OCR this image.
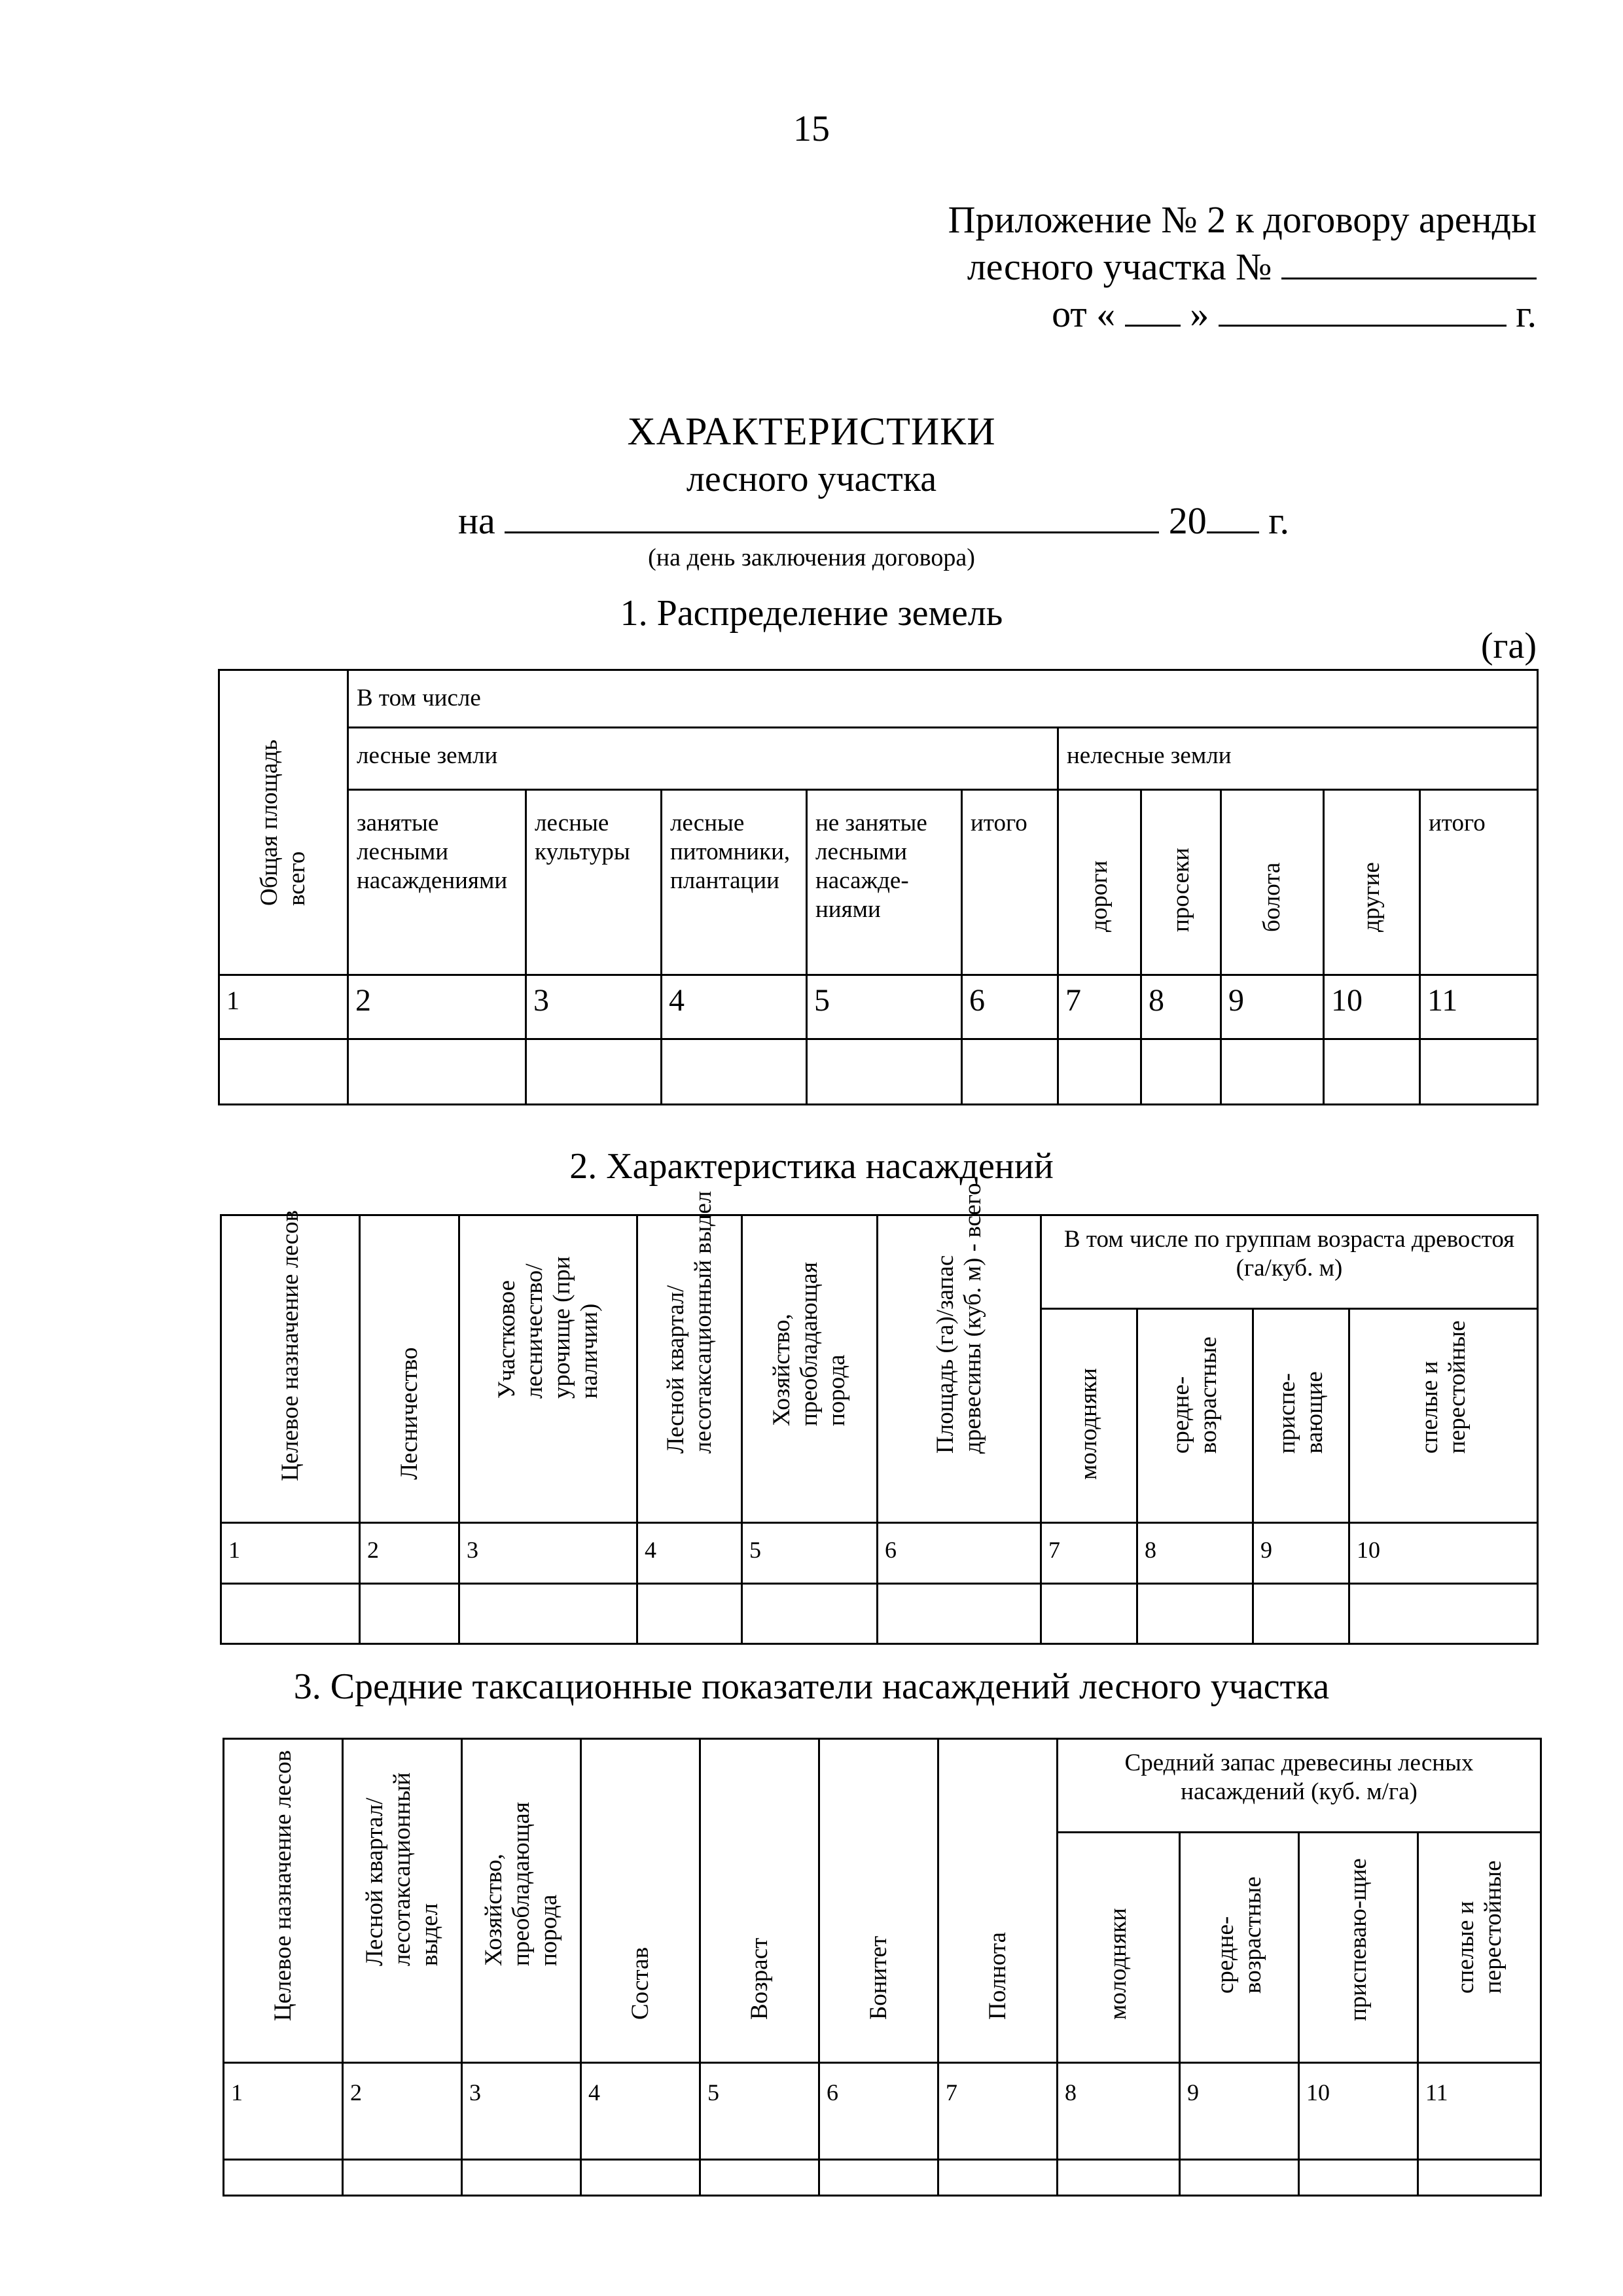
15
Приложение № 2 к договору аренды
лесного участка №
от « »	г.
ХАРАКТЕРИСТИКИ
лесного участка
на	20 г.
(на день заключения договора)
1. Распределение земель
(га)
Общая площадь всего	В том числе									
	лесные земли					нелесные земли				
	занятые лесными насаждениями	лесные культуры	лесные питомники, плантации	не занятые лесными насажде-ниями	итого	дороги	просеки	болота	другие	итого
1	2	3	4	5	6	7	8	9	10	11

2. Характеристика насаждений
Целевое назначение лесов	Лесничество	Участковое лесничество/ урочище (при наличии)	Лесной квартал/ лесотаксационный выдел	Хозяйство, преобладающая порода	Площадь (га)/запас древесины (куб. м) - всего	В том числе по группам возраста древостоя (га/куб. м)			

						молодняки	средне-возрастные	приспе-вающие	спелые и перестойные

1	2	3	4	5	6	7	8	9	10

3. Средние таксационные показатели насаждений лесного участка
Целевое назначение лесов	Лесной квартал/ лесотаксационный выдел	Хозяйство, преобладающая порода	Состав	Возраст	Бонитет	Полнота	Средний запас древесины лесных насаждений (куб. м/га)			

							молодняки	средне-возрастные	приспеваю-щие	спелые и перестойные

1	2	3	4	5	6	7	8	9	10	11
